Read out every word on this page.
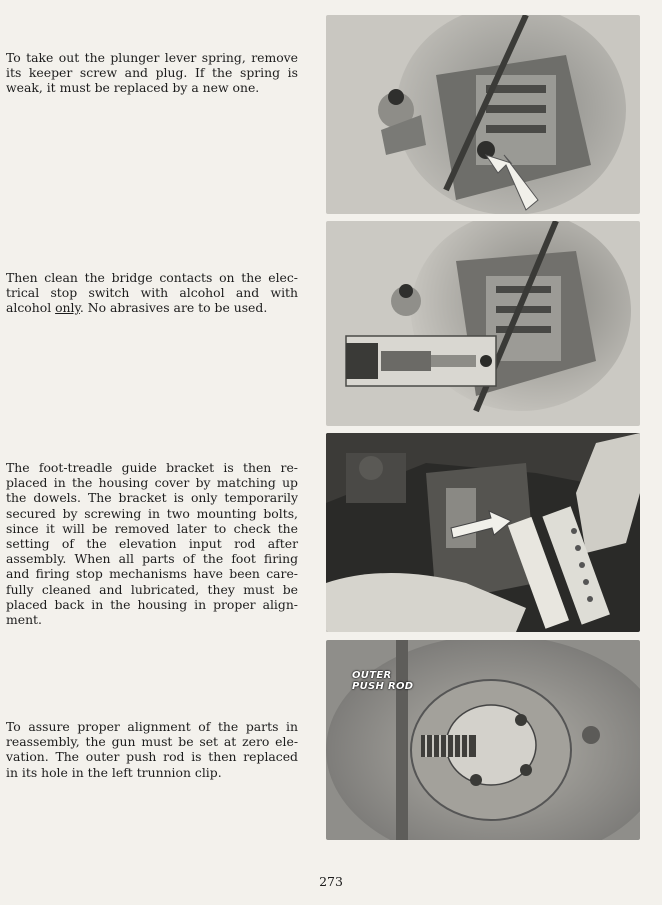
To take out the plunger lever spring, remove
its keeper screw and plug. If the spring is
weak, it must be replaced by a new one.

Then clean the bridge contacts on the elec-
trical stop switch with alcohol and with
alcohol only. No abrasives are to be used.

The foot-treadle guide bracket is then re-
placed in the housing cover by matching up
the dowels. The bracket is only temporarily
secured by screwing in two mounting bolts,
since it will be removed later to check the
setting of the elevation input rod after
assembly. When all parts of the foot firing
and firing stop mechanisms have been care-
fully cleaned and lubricated, they must be
placed back in the housing in proper align-
ment.

To assure proper alignment of the parts in
reassembly, the gun must be set at zero ele-
vation. The outer push rod is then replaced
in its hole in the left trunnion clip.

OUTER
PUSH ROD
273
